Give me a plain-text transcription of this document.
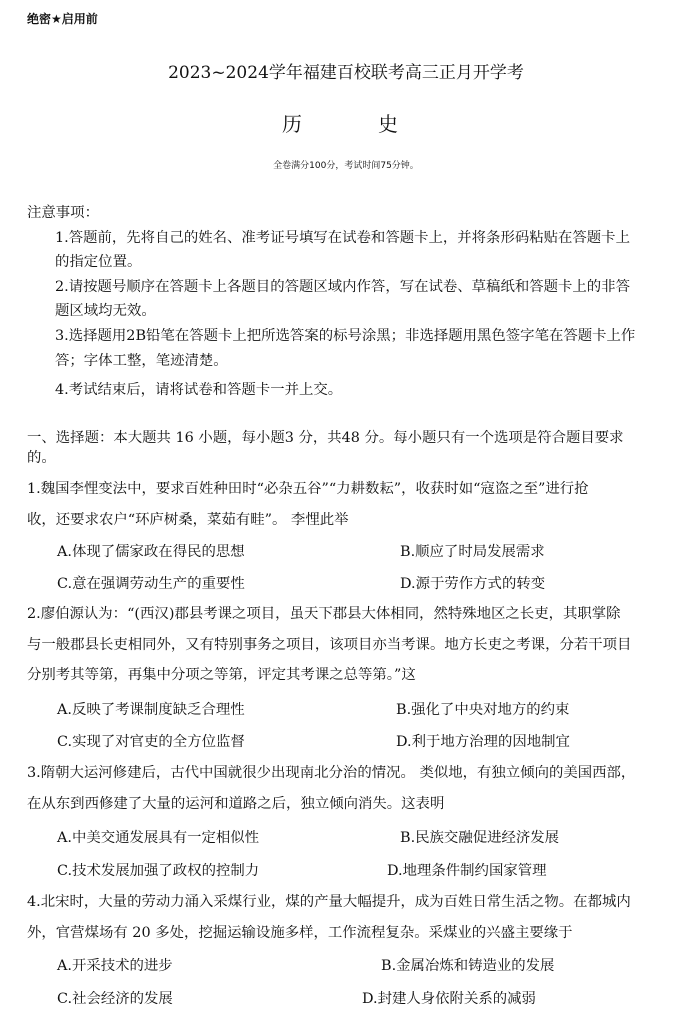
绝密★启用前
2023~2024学年福建百校联考高三正月开学考
历	史
全卷满分100分，考试时间75分钟。
注意事项：
1.答题前，先将自己的姓名、准考证号填写在试卷和答题卡上，并将条形码粘贴在答题卡上
的指定位置。
2.请按题号顺序在答题卡上各题目的答题区域内作答，写在试卷、草稿纸和答题卡上的非答
题区域均无效。
3.选择题用2B铅笔在答题卡上把所选答案的标号涂黑；非选择题用黑色签字笔在答题卡上作
答；字体工整，笔迹清楚。
4.考试结束后，请将试卷和答题卡一并上交。
一、选择题：本大题共 16 小题，每小题3 分，共48 分。每小题只有一个选项是符合题目要求
的。
1.魏国李悝变法中，要求百姓种田时“必杂五谷”“力耕数耘”，收获时如“寇盗之至”进行抢
收，还要求农户“环庐树桑，菜茹有畦”。 李悝此举
A.体现了儒家政在得民的思想	B.顺应了时局发展需求
C.意在强调劳动生产的重要性	D.源于劳作方式的转变
2.廖伯源认为：“(西汉)郡县考课之项目，虽天下郡县大体相同，然特殊地区之长吏，其职掌除
与一般郡县长吏相同外，又有特别事务之项目，该项目亦当考课。地方长吏之考课，分若干项目
分别考其等第，再集中分项之等第，评定其考课之总等第。”这
A.反映了考课制度缺乏合理性	B.强化了中央对地方的约束
C.实现了对官吏的全方位监督	D.利于地方治理的因地制宜
3.隋朝大运河修建后，古代中国就很少出现南北分治的情况。 类似地，有独立倾向的美国西部，
在从东到西修建了大量的运河和道路之后，独立倾向消失。这表明
A.中美交通发展具有一定相似性	B.民族交融促进经济发展
C.技术发展加强了政权的控制力	D.地理条件制约国家管理
4.北宋时，大量的劳动力涌入采煤行业，煤的产量大幅提升，成为百姓日常生活之物。在都城内
外，官营煤场有 20 多处，挖掘运输设施多样，工作流程复杂。采煤业的兴盛主要缘于
A.开采技术的进步	B.金属冶炼和铸造业的发展
C.社会经济的发展	D.封建人身依附关系的减弱
